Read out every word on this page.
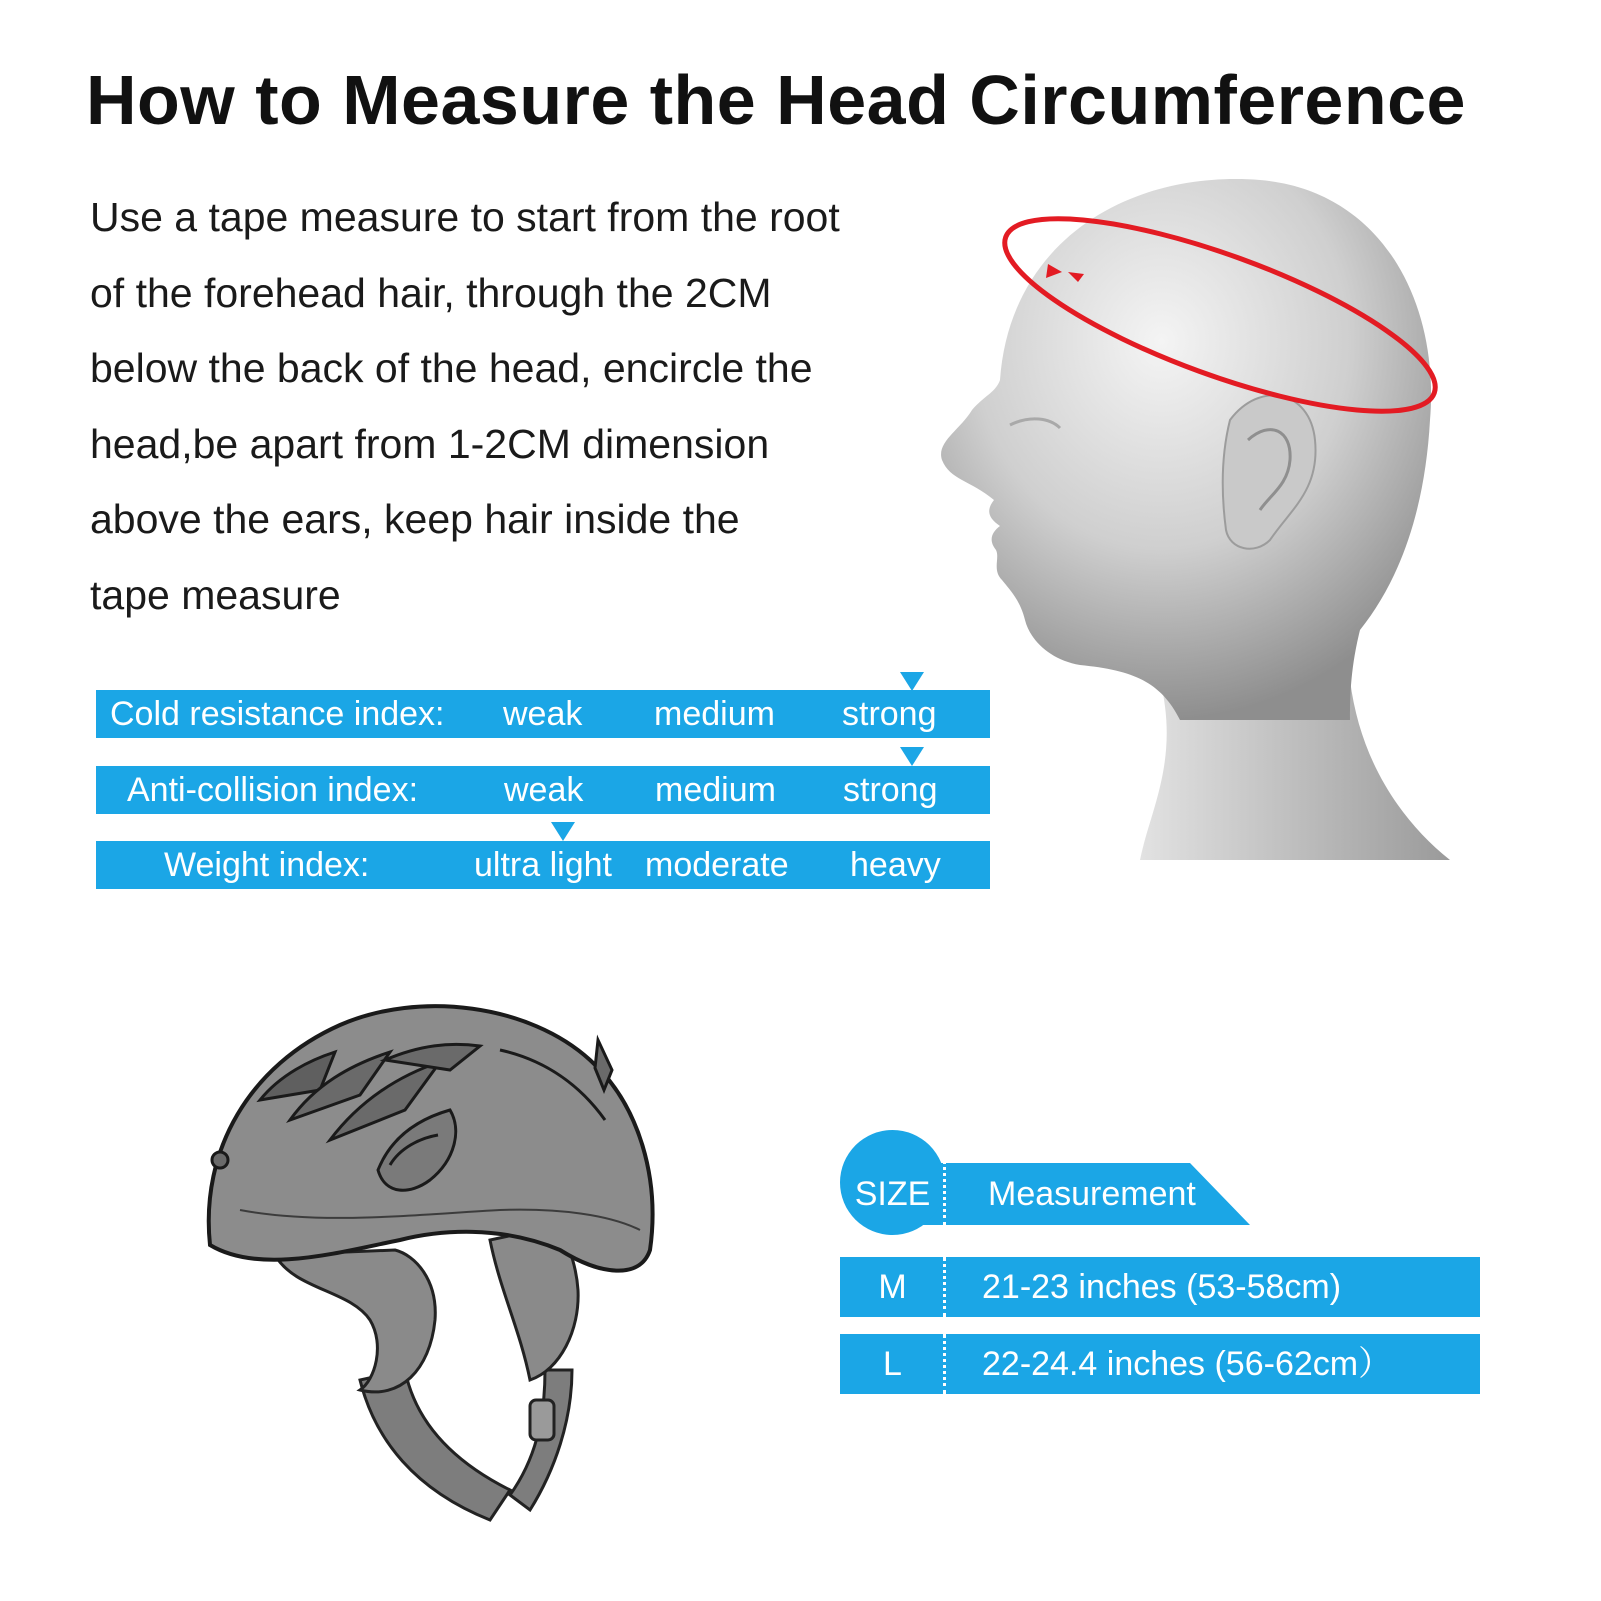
How to Measure the Head Circumference
Use a tape measure to start from the root
of the forehead hair, through the 2CM
below the back of the head, encircle the
head,be apart from 1-2CM dimension
above the ears, keep hair inside the
tape measure
Cold resistance index: weak medium strong
Anti-collision index:	weak medium strong
Weight index:	ultra light moderate heavy
SIZE	Measurement
M	21-23 inches (53-58cm)
L	22-24.4 inches (56-62cm）
